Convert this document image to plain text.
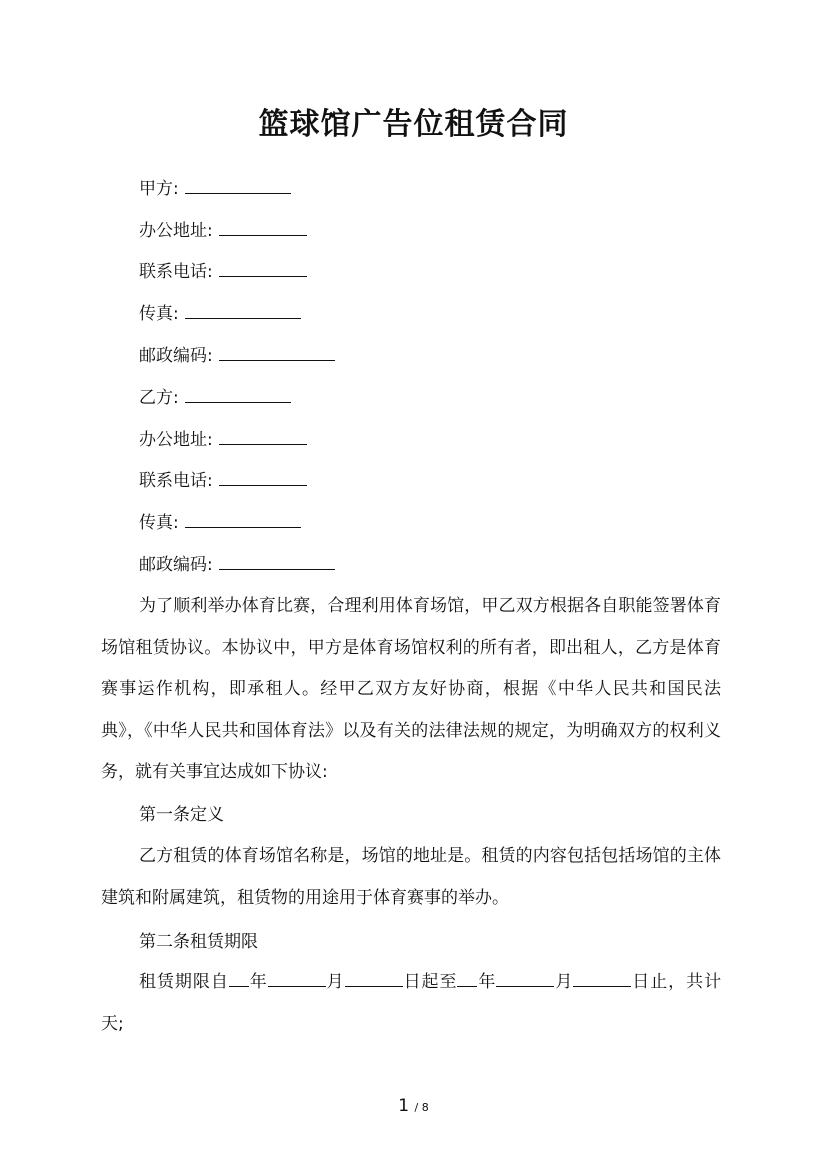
篮球馆广告位租赁合同
甲方:
办公地址:
联系电话:
传真:
邮政编码:
乙方:
办公地址:
联系电话:
传真:
邮政编码:

为了顺利举办体育比赛，合理利用体育场馆，甲乙双方根据各自职能签署体育场馆租赁协议。本协议中，甲方是体育场馆权利的所有者，即出租人，乙方是体育赛事运作机构，即承租人。经甲乙双方友好协商，根据《中华人民共和国民法典》，《中华人民共和国体育法》以及有关的法律法规的规定，为明确双方的权利义务，就有关事宜达成如下协议:

第一条定义

乙方租赁的体育场馆名称是，场馆的地址是。租赁的内容包括包括场馆的主体建筑和附属建筑，租赁物的用途用于体育赛事的举办。

第二条租赁期限

租赁期限自 年	月	日起至 年	月	日止，共计天;

1 / 8
